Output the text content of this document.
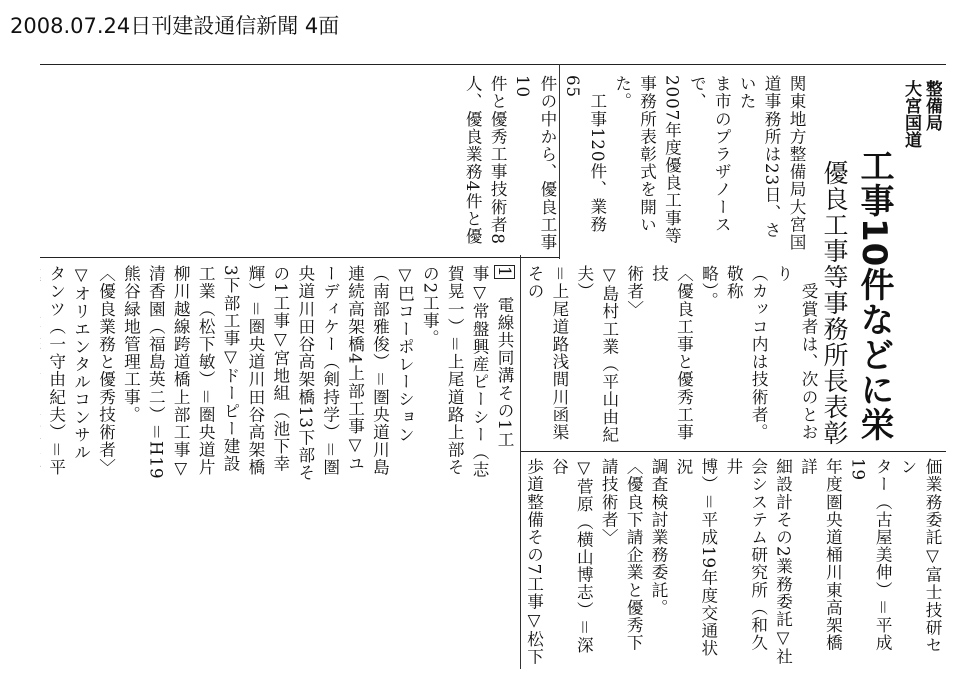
2008.07.24日刊建設通信新聞 4面
整備局
大宮国道
工事10件などに栄
優良工事等事務所長表彰
関東地方整備局大宮国
道事務所は23日、さいた
ま市のプラザノースで、
2007年度優良工事等
事務所表彰式を開い
た。
　工事120件、業務65
件の中から、優良工事10
件と優秀工事技術者8
人、優良業務4件と優
　受賞者は、次のとおり
（カッコ内は技術者。敬称
略）。
〈優良工事と優秀工事技
術者〉
▽島村工業（平山由紀夫）
＝上尾道路浅間川函渠その
1　電線共同溝その1工
事▽常盤興産ピーシー（志
賀晃一）＝上尾道路上部そ
の2工事。
▽巴コーポレーション
（南部雅俊）＝圏央道川島
連続高架橋4上部工事▽ユ
ーディケー（剣持学）＝圏
央道川田谷高架橋13下部そ
の1工事▽宮地組（池下幸
輝）＝圏央道川田谷高架橋
3下部工事▽ドーピー建設
工業（松下敏）＝圏央道片
柳川越線跨道橋上部工事▽
清香園（福島英二）＝H19
熊谷緑地管理工事。
〈優良業務と優秀技術者〉
▽オリエンタルコンサル
タンツ（一守由紀夫）＝平
価業務委託▽富士技研セン
ター（古屋美伸）＝平成19
年度圏央道桶川東高架橋詳
細設計その2業務委託▽社
会システム研究所（和久井
博）＝平成19年度交通状況
調査検討業務委託。
〈優良下請企業と優秀下
請技術者〉
▽菅原（横山博志）＝深谷
歩道整備その7工事▽松下
